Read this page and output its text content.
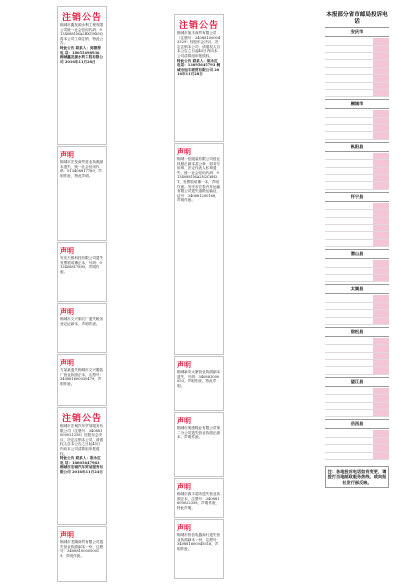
注销公告
桐城市鑫发源水利工程有限公司统一社会信用代码：91340881MA2RXG9X0Q将本公司工商注销，特此公告。
特此公告 联系人：郭德帮 电 话：18055498936 桐城鑫发源水利工程有限公司 2016年11月28日
声明
桐城市宏发商贸营业执照副本遗失，统一社会信用代码：913408817789，声明作废，特此声明。
声明
安庆天都科技有限公司遗失发票领用簿正本，号码：913408817895，声明作废。
声明
桐城市文兴制衣厂遗失税务登记证副本，声明作废。
声明
方某某遗失桐城市文兴服装厂营业执照正本，注册号：340881600030479，声明作废。
注销公告
桐城市宏城汽车贸易服务有限公司（注册号：340881000021258）经股东会决议，决定注销本公司，请债权人自本公告之日起45日内向本公司清算组申报债权。
特此公告 联系人：陈永红 电 话：18605647983 桐城市宏城汽车贸易服务有限公司 2016年11月24日
声明
桐城市龙腾商贸有限公司遗失营业执照副本一份，注册号：340881000050019，声明作废。
注销公告
桐城市旭丰商贸有限公司（注册号：340881000043329）经股东会决议，决定注销本公司，请债权人自本公告之日起45日内向本公司清算组申报债权。
特此公告 联系人：陈永红 电话：13695645793 桐城市旭丰商贸有限公司 2016年11月28日
声明
桐城一佳服装有限公司营业执照正副本及公章、财务专用章、法定代表人私章遗失，统一社会信用代码：91340881MA2N2C6H2T，发票领用簿一本，声明作废。安庆市宏泰汽车运输有限公司遗失道路运输证，证号：340881200168，声明作废。
声明
桐城新安大厦营业执照副本遗失，号码：340881000053，声明作废，特此声明。
声明
桐城市奥康鞋业有限公司第二分公司遗失营业执照正副本，声明作废。
声明
桐城市源丰超市遗失营业执照正本，注册号：340881600022358，声明作废，特此声明。
声明
桐城市恒信电器商行遗失营业执照副本一份，注册号：340881600049316，声明作废。
本报部分省市邮局投诉电话
安庆市
桐城市
枞阳县
怀宁县
潜山县
太湖县
宿松县
望江县
岳西县
注：各地投诉电话如有变更，请拨打当地邮政服务热线，或向报社发行部反映。
